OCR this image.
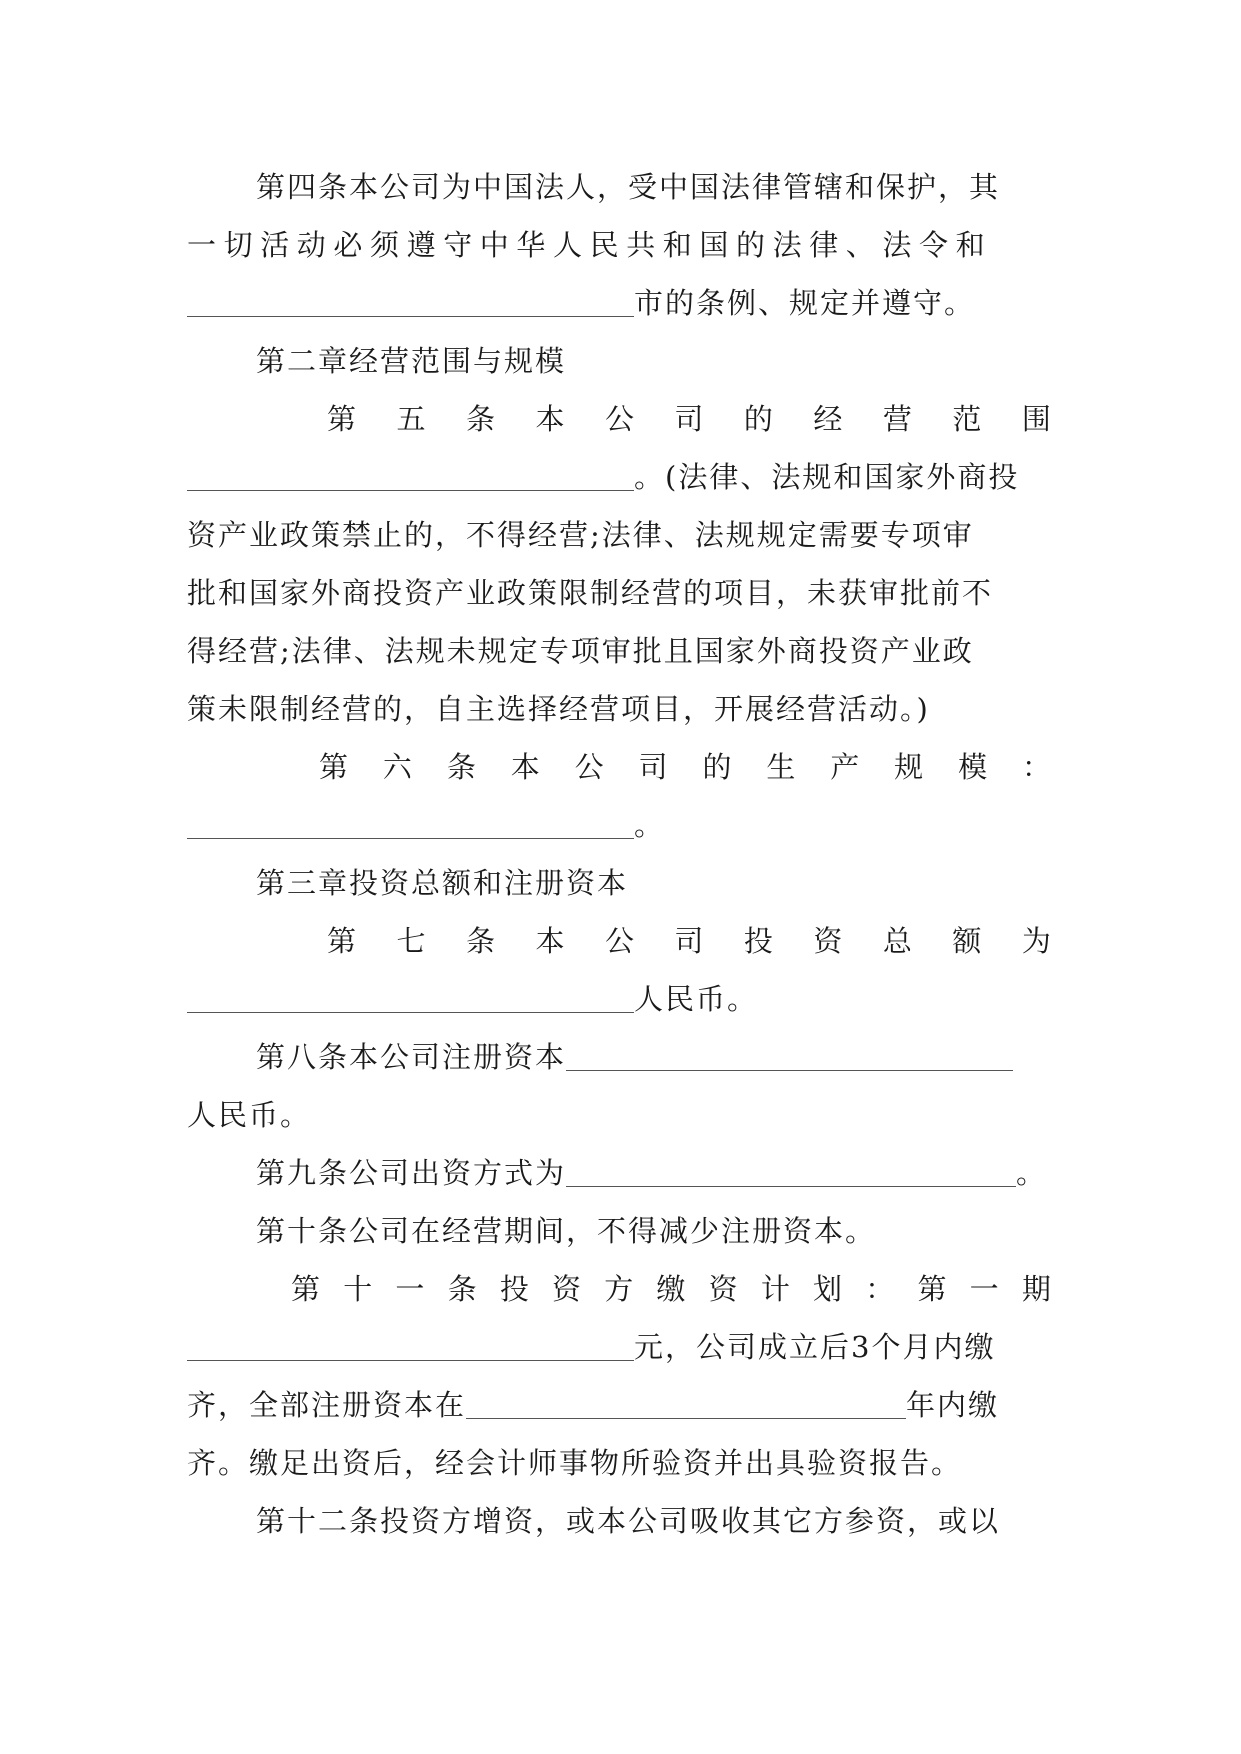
第四条本公司为中国法人，受中国法律管辖和保护，其
一切活动必须遵守中华人民共和国的法律、法令和
市的条例、规定并遵守。
第二章经营范围与规模
第 五 条 本 公 司 的 经 营 范 围
。(法律、法规和国家外商投
资产业政策禁止的，不得经营;法律、法规规定需要专项审
批和国家外商投资产业政策限制经营的项目，未获审批前不
得经营;法律、法规未规定专项审批且国家外商投资产业政
策未限制经营的，自主选择经营项目，开展经营活动。)
第 六 条 本 公 司 的 生 产 规 模 ：
。
第三章投资总额和注册资本
第 七 条 本 公 司 投 资 总 额 为
人民币。
第八条本公司注册资本
人民币。
第九条公司出资方式为	。
第十条公司在经营期间，不得减少注册资本。
第 十 一 条 投 资 方 缴 资 计 划 ： 第 一 期
元，公司成立后3个月内缴
齐，全部注册资本在	年内缴
齐。缴足出资后，经会计师事物所验资并出具验资报告。
第十二条投资方增资，或本公司吸收其它方参资，或以
